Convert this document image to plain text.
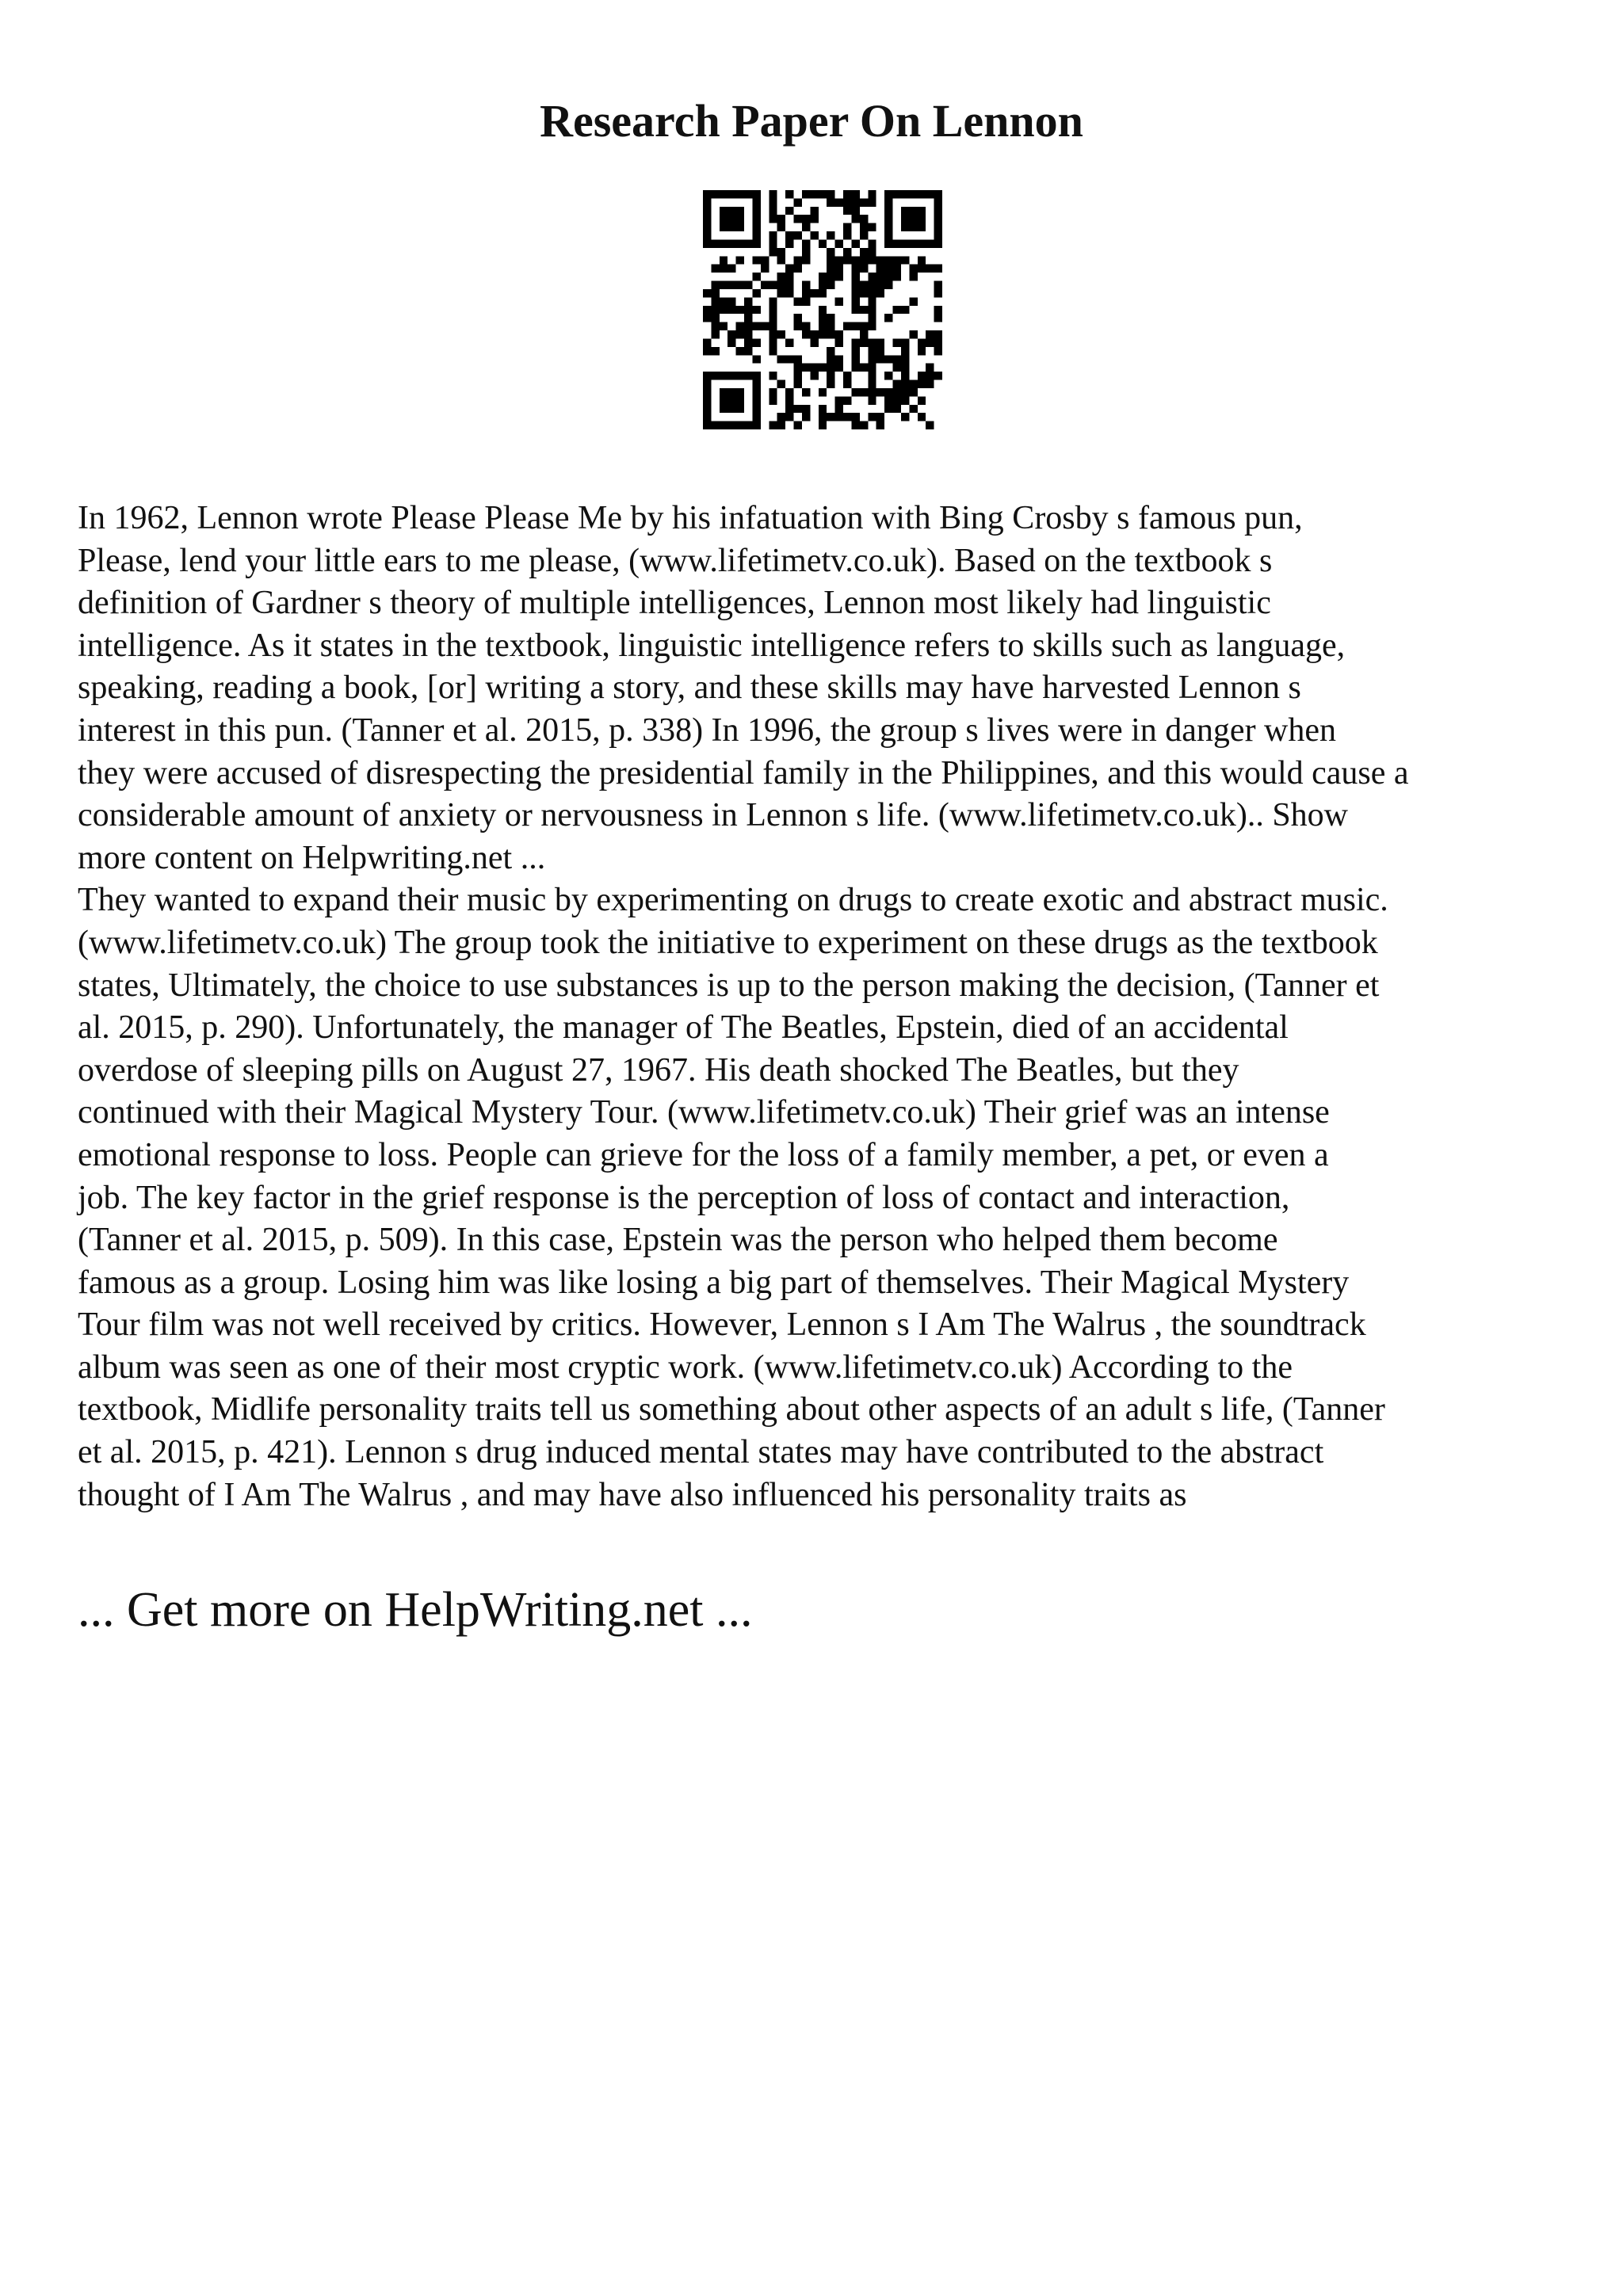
Research Paper On Lennon

In 1962, Lennon wrote Please Please Me by his infatuation with Bing Crosby s famous pun,
Please, lend your little ears to me please, (www.lifetimetv.co.uk). Based on the textbook s
definition of Gardner s theory of multiple intelligences, Lennon most likely had linguistic
intelligence. As it states in the textbook, linguistic intelligence refers to skills such as language,
speaking, reading a book, [or] writing a story, and these skills may have harvested Lennon s
interest in this pun. (Tanner et al. 2015, p. 338) In 1996, the group s lives were in danger when
they were accused of disrespecting the presidential family in the Philippines, and this would cause a
considerable amount of anxiety or nervousness in Lennon s life. (www.lifetimetv.co.uk).. Show
more content on Helpwriting.net ...

They wanted to expand their music by experimenting on drugs to create exotic and abstract music.
(www.lifetimetv.co.uk) The group took the initiative to experiment on these drugs as the textbook
states, Ultimately, the choice to use substances is up to the person making the decision, (Tanner et
al. 2015, p. 290). Unfortunately, the manager of The Beatles, Epstein, died of an accidental
overdose of sleeping pills on August 27, 1967. His death shocked The Beatles, but they
continued with their Magical Mystery Tour. (www.lifetimetv.co.uk) Their grief was an intense
emotional response to loss. People can grieve for the loss of a family member, a pet, or even a
job. The key factor in the grief response is the perception of loss of contact and interaction,
(Tanner et al. 2015, p. 509). In this case, Epstein was the person who helped them become
famous as a group. Losing him was like losing a big part of themselves. Their Magical Mystery
Tour film was not well received by critics. However, Lennon s I Am The Walrus , the soundtrack
album was seen as one of their most cryptic work. (www.lifetimetv.co.uk) According to the
textbook, Midlife personality traits tell us something about other aspects of an adult s life, (Tanner
et al. 2015, p. 421). Lennon s drug induced mental states may have contributed to the abstract
thought of I Am The Walrus , and may have also influenced his personality traits as

... Get more on HelpWriting.net ...
